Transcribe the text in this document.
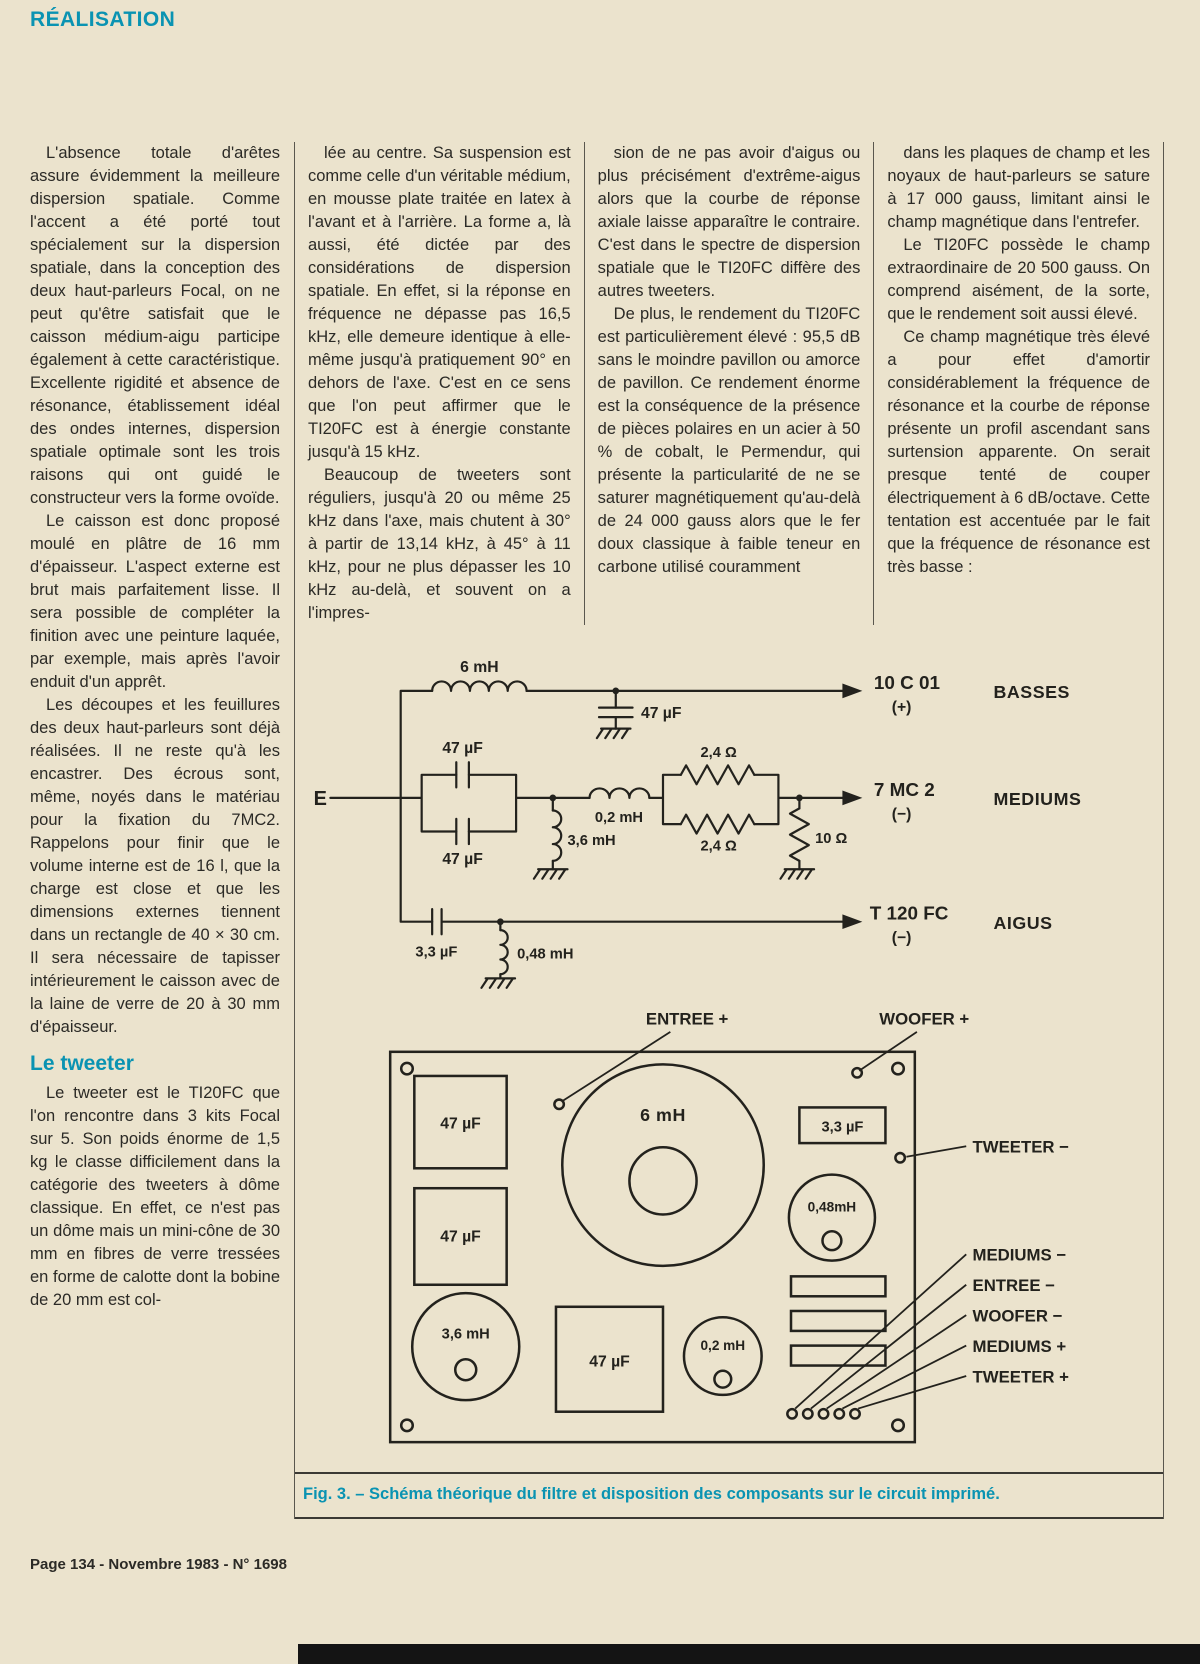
RÉALISATION

L'absence totale d'arêtes assure évidemment la meilleure dispersion spatiale. Comme l'accent a été porté tout spécialement sur la dispersion spatiale, dans la conception des deux haut-parleurs Focal, on ne peut qu'être satisfait que le caisson médium-aigu participe également à cette caractéristique. Excellente rigidité et absence de résonance, établissement idéal des ondes internes, dispersion spatiale optimale sont les trois raisons qui ont guidé le constructeur vers la forme ovoïde.

Le caisson est donc proposé moulé en plâtre de 16 mm d'épaisseur. L'aspect externe est brut mais parfaitement lisse. Il sera possible de compléter la finition avec une peinture laquée, par exemple, mais après l'avoir enduit d'un apprêt.

Les découpes et les feuillures des deux haut-parleurs sont déjà réalisées. Il ne reste qu'à les encastrer. Des écrous sont, même, noyés dans le matériau pour la fixation du 7MC2. Rappelons pour finir que le volume interne est de 16 l, que la charge est close et que les dimensions externes tiennent dans un rectangle de 40 × 30 cm. Il sera nécessaire de tapisser intérieurement le caisson avec de la laine de verre de 20 à 30 mm d'épaisseur.

Le tweeter

Le tweeter est le TI20FC que l'on rencontre dans 3 kits Focal sur 5. Son poids énorme de 1,5 kg le classe difficilement dans la catégorie des tweeters à dôme classique. En effet, ce n'est pas un dôme mais un mini-cône de 30 mm en fibres de verre tressées en forme de calotte dont la bobine de 20 mm est col-

lée au centre. Sa suspension est comme celle d'un véritable médium, en mousse plate traitée en latex à l'avant et à l'arrière. La forme a, là aussi, été dictée par des considérations de dispersion spatiale. En effet, si la réponse en fréquence ne dépasse pas 16,5 kHz, elle demeure identique à elle-même jusqu'à pratiquement 90° en dehors de l'axe. C'est en ce sens que l'on peut affirmer que le TI20FC est à énergie constante jusqu'à 15 kHz.

Beaucoup de tweeters sont réguliers, jusqu'à 20 ou même 25 kHz dans l'axe, mais chutent à 30° à partir de 13,14 kHz, à 45° à 11 kHz, pour ne plus dépasser les 10 kHz au-delà, et souvent on a l'impres-

sion de ne pas avoir d'aigus ou plus précisément d'extrême-aigus alors que la courbe de réponse axiale laisse apparaître le contraire. C'est dans le spectre de dispersion spatiale que le TI20FC diffère des autres tweeters.

De plus, le rendement du TI20FC est particulièrement élevé : 95,5 dB sans le moindre pavillon ou amorce de pavillon. Ce rendement énorme est la conséquence de la présence de pièces polaires en un acier à 50 % de cobalt, le Permendur, qui présente la particularité de ne se saturer magnétiquement qu'au-delà de 24 000 gauss alors que le fer doux classique à faible teneur en carbone utilisé couramment

dans les plaques de champ et les noyaux de haut-parleurs se sature à 17 000 gauss, limitant ainsi le champ magnétique dans l'entrefer.

Le TI20FC possède le champ extraordinaire de 20 500 gauss. On comprend aisément, de la sorte, que le rendement soit aussi élevé.

Ce champ magnétique très élevé a pour effet d'amortir considérablement la fréquence de résonance et la courbe de réponse présente un profil ascendant sans surtension apparente. On serait presque tenté de couper électriquement à 6 dB/octave. Cette tentation est accentuée par le fait que la fréquence de résonance est très basse :

E
6 mH
47 µF
10 C 01
(+)
BASSES
47 µF
47 µF
3,6 mH
0,2 mH
2,4 Ω
2,4 Ω	10 Ω
7 MC 2
(−)
MEDIUMS
3,3 µF	0,48 mH
T 120 FC
(−)
AIGUS
ENTREE +	WOOFER +
47 µF
47 µF
6 mH
3,3 µF
0,48mH
3,6 mH
47 µF
0,2 mH
TWEETER −
MEDIUMS −
ENTREE −
WOOFER −
MEDIUMS +
TWEETER +
Fig. 3. – Schéma théorique du filtre et disposition des composants sur le circuit imprimé.
Page 134 - Novembre 1983 - N° 1698
